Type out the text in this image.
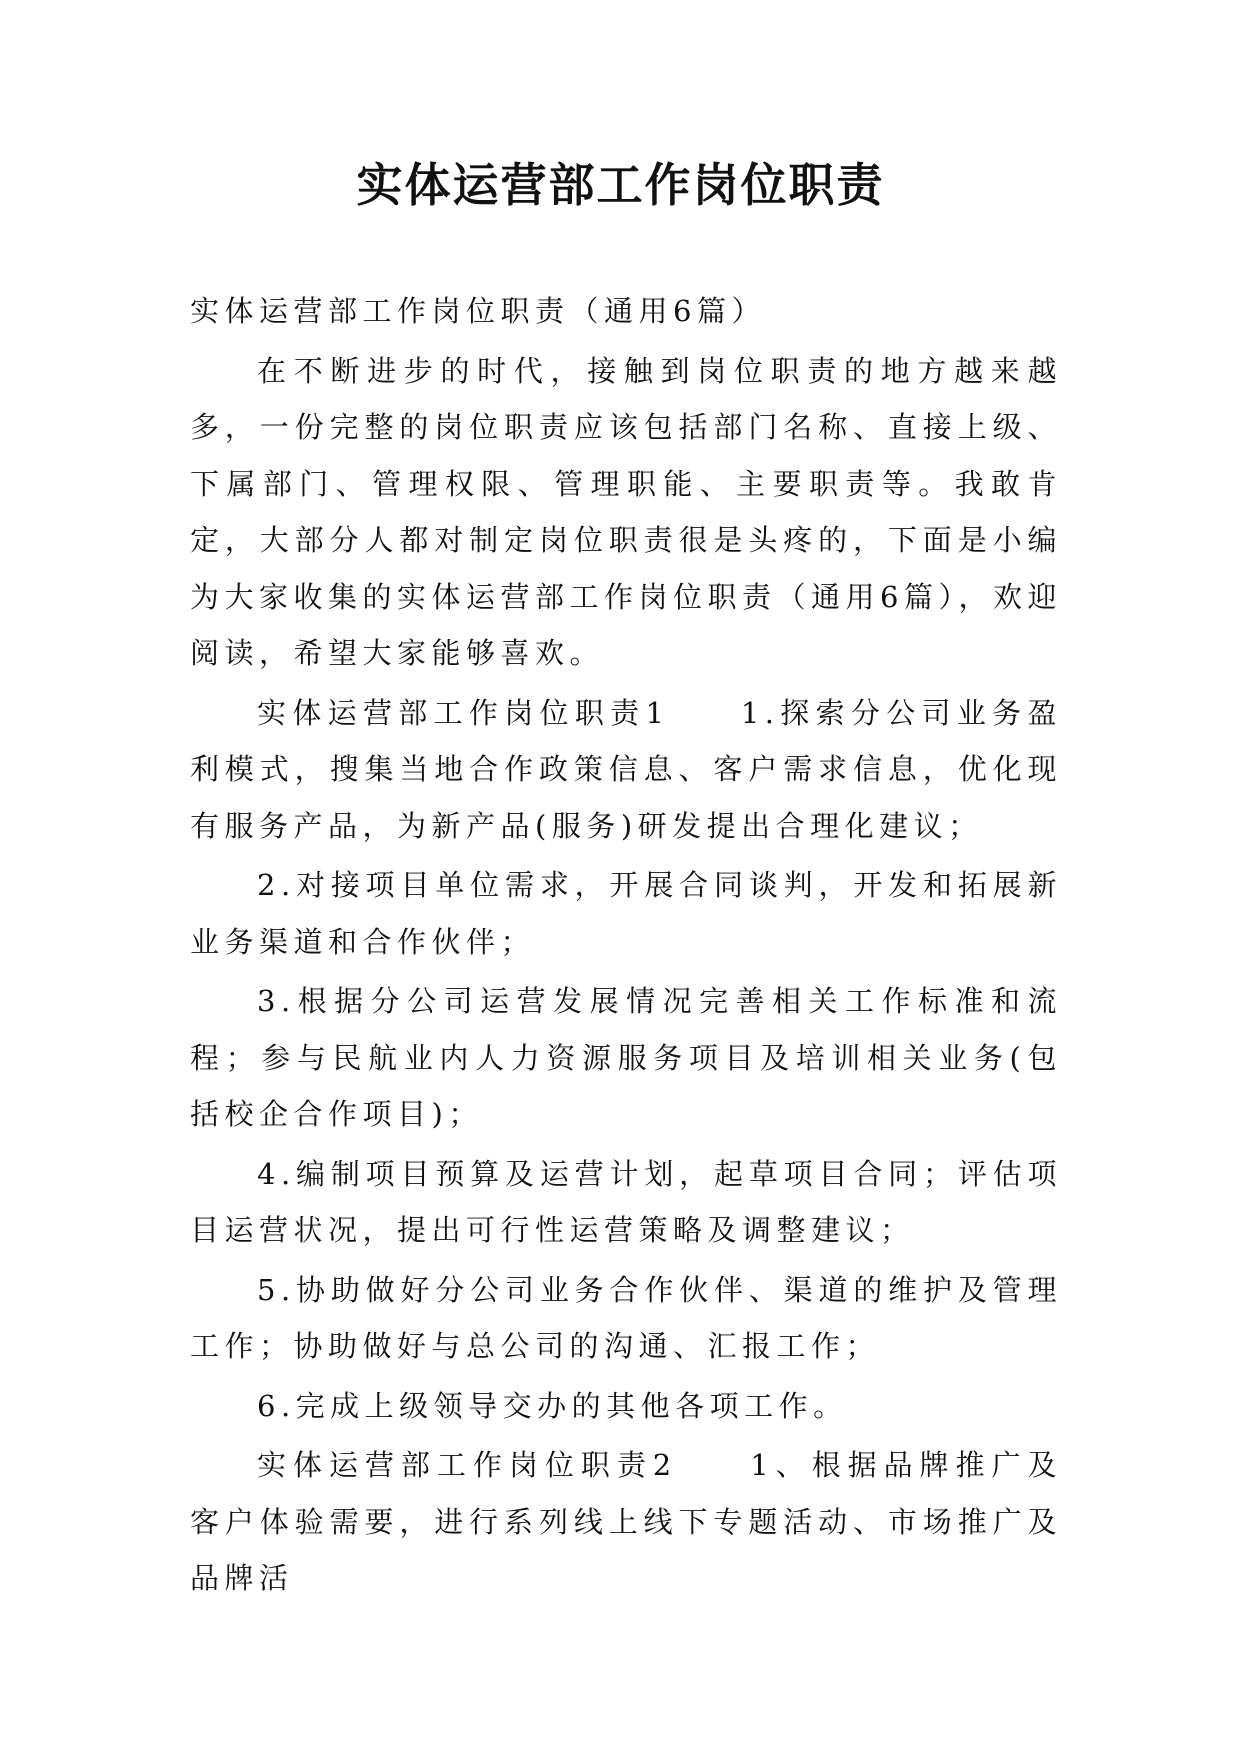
实体运营部工作岗位职责

实体运营部工作岗位职责（通用6篇）

在不断进步的时代，接触到岗位职责的地方越来越多，一份完整的岗位职责应该包括部门名称、直接上级、下属部门、管理权限、管理职能、主要职责等。我敢肯定，大部分人都对制定岗位职责很是头疼的，下面是小编为大家收集的实体运营部工作岗位职责（通用6篇），欢迎阅读，希望大家能够喜欢。

实体运营部工作岗位职责1　　1.探索分公司业务盈利模式，搜集当地合作政策信息、客户需求信息，优化现有服务产品，为新产品(服务)研发提出合理化建议；

2.对接项目单位需求，开展合同谈判，开发和拓展新业务渠道和合作伙伴；

3.根据分公司运营发展情况完善相关工作标准和流程；参与民航业内人力资源服务项目及培训相关业务(包括校企合作项目)；

4.编制项目预算及运营计划，起草项目合同；评估项目运营状况，提出可行性运营策略及调整建议；

5.协助做好分公司业务合作伙伴、渠道的维护及管理工作；协助做好与总公司的沟通、汇报工作；

6.完成上级领导交办的其他各项工作。

实体运营部工作岗位职责2　　1、根据品牌推广及客户体验需要，进行系列线上线下专题活动、市场推广及品牌活
